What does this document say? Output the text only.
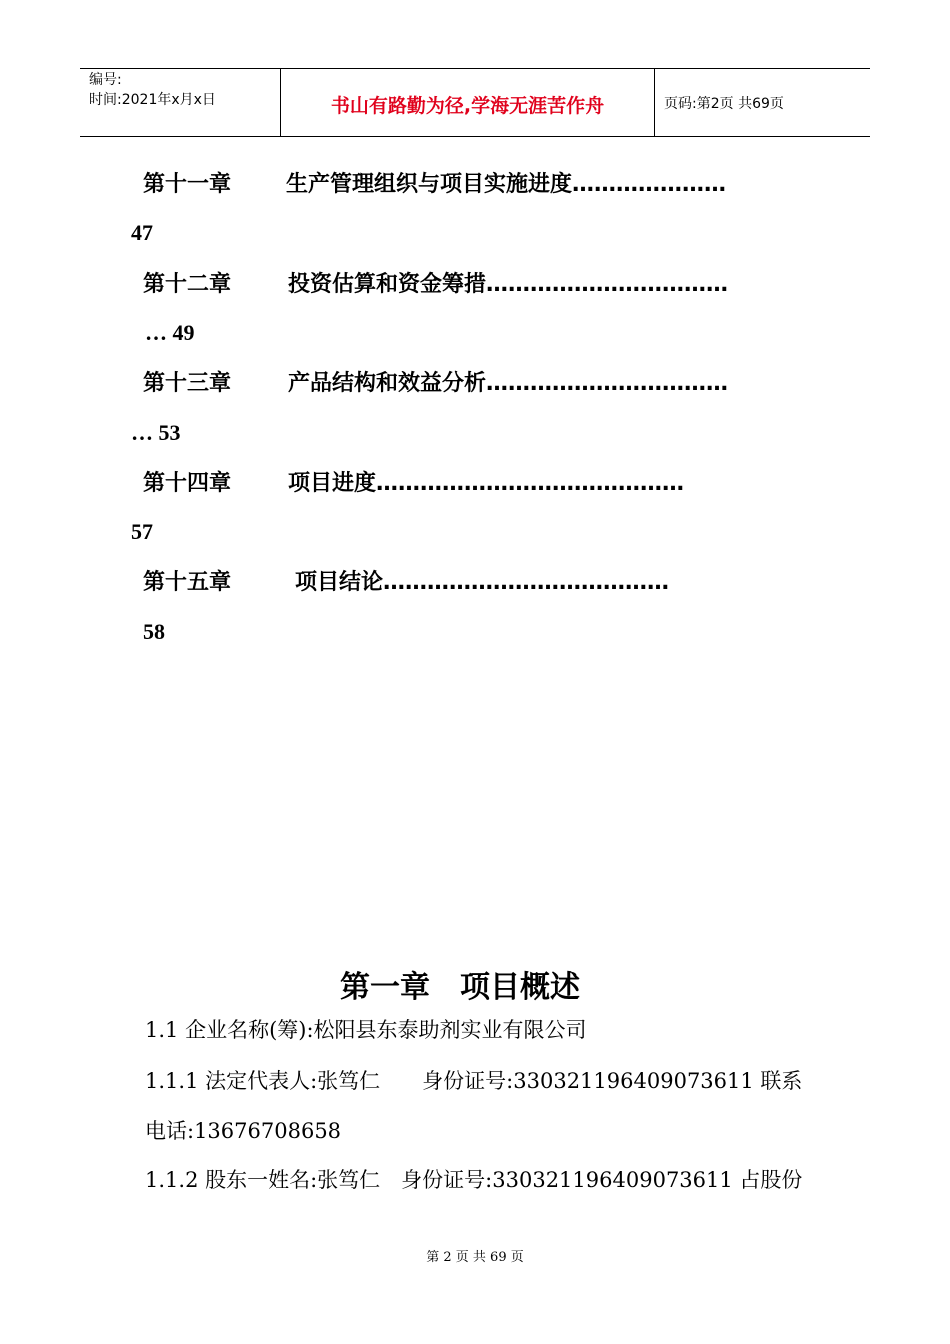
编号:
时间:2021年x月x日	书山有路勤为径,学海无涯苦作舟	页码:第2页 共69页
第十一章 生产管理组织与项目实施进度…………………
47
第十二章	投资估算和资金筹措……………………………
… 49
第十三章	产品结构和效益分析……………………………
… 53
第十四章	项目进度……………………………………
57
第十五章	项目结论…………………………………
58
第一章　项目概述
1.1 企业名称(筹):松阳县东泰助剂实业有限公司
1.1.1 法定代表人:张笃仁　　身份证号:330321196409073611 联系
电话:13676708658
1.1.2 股东一姓名:张笃仁　身份证号:330321196409073611 占股份
第 2 页 共 69 页
